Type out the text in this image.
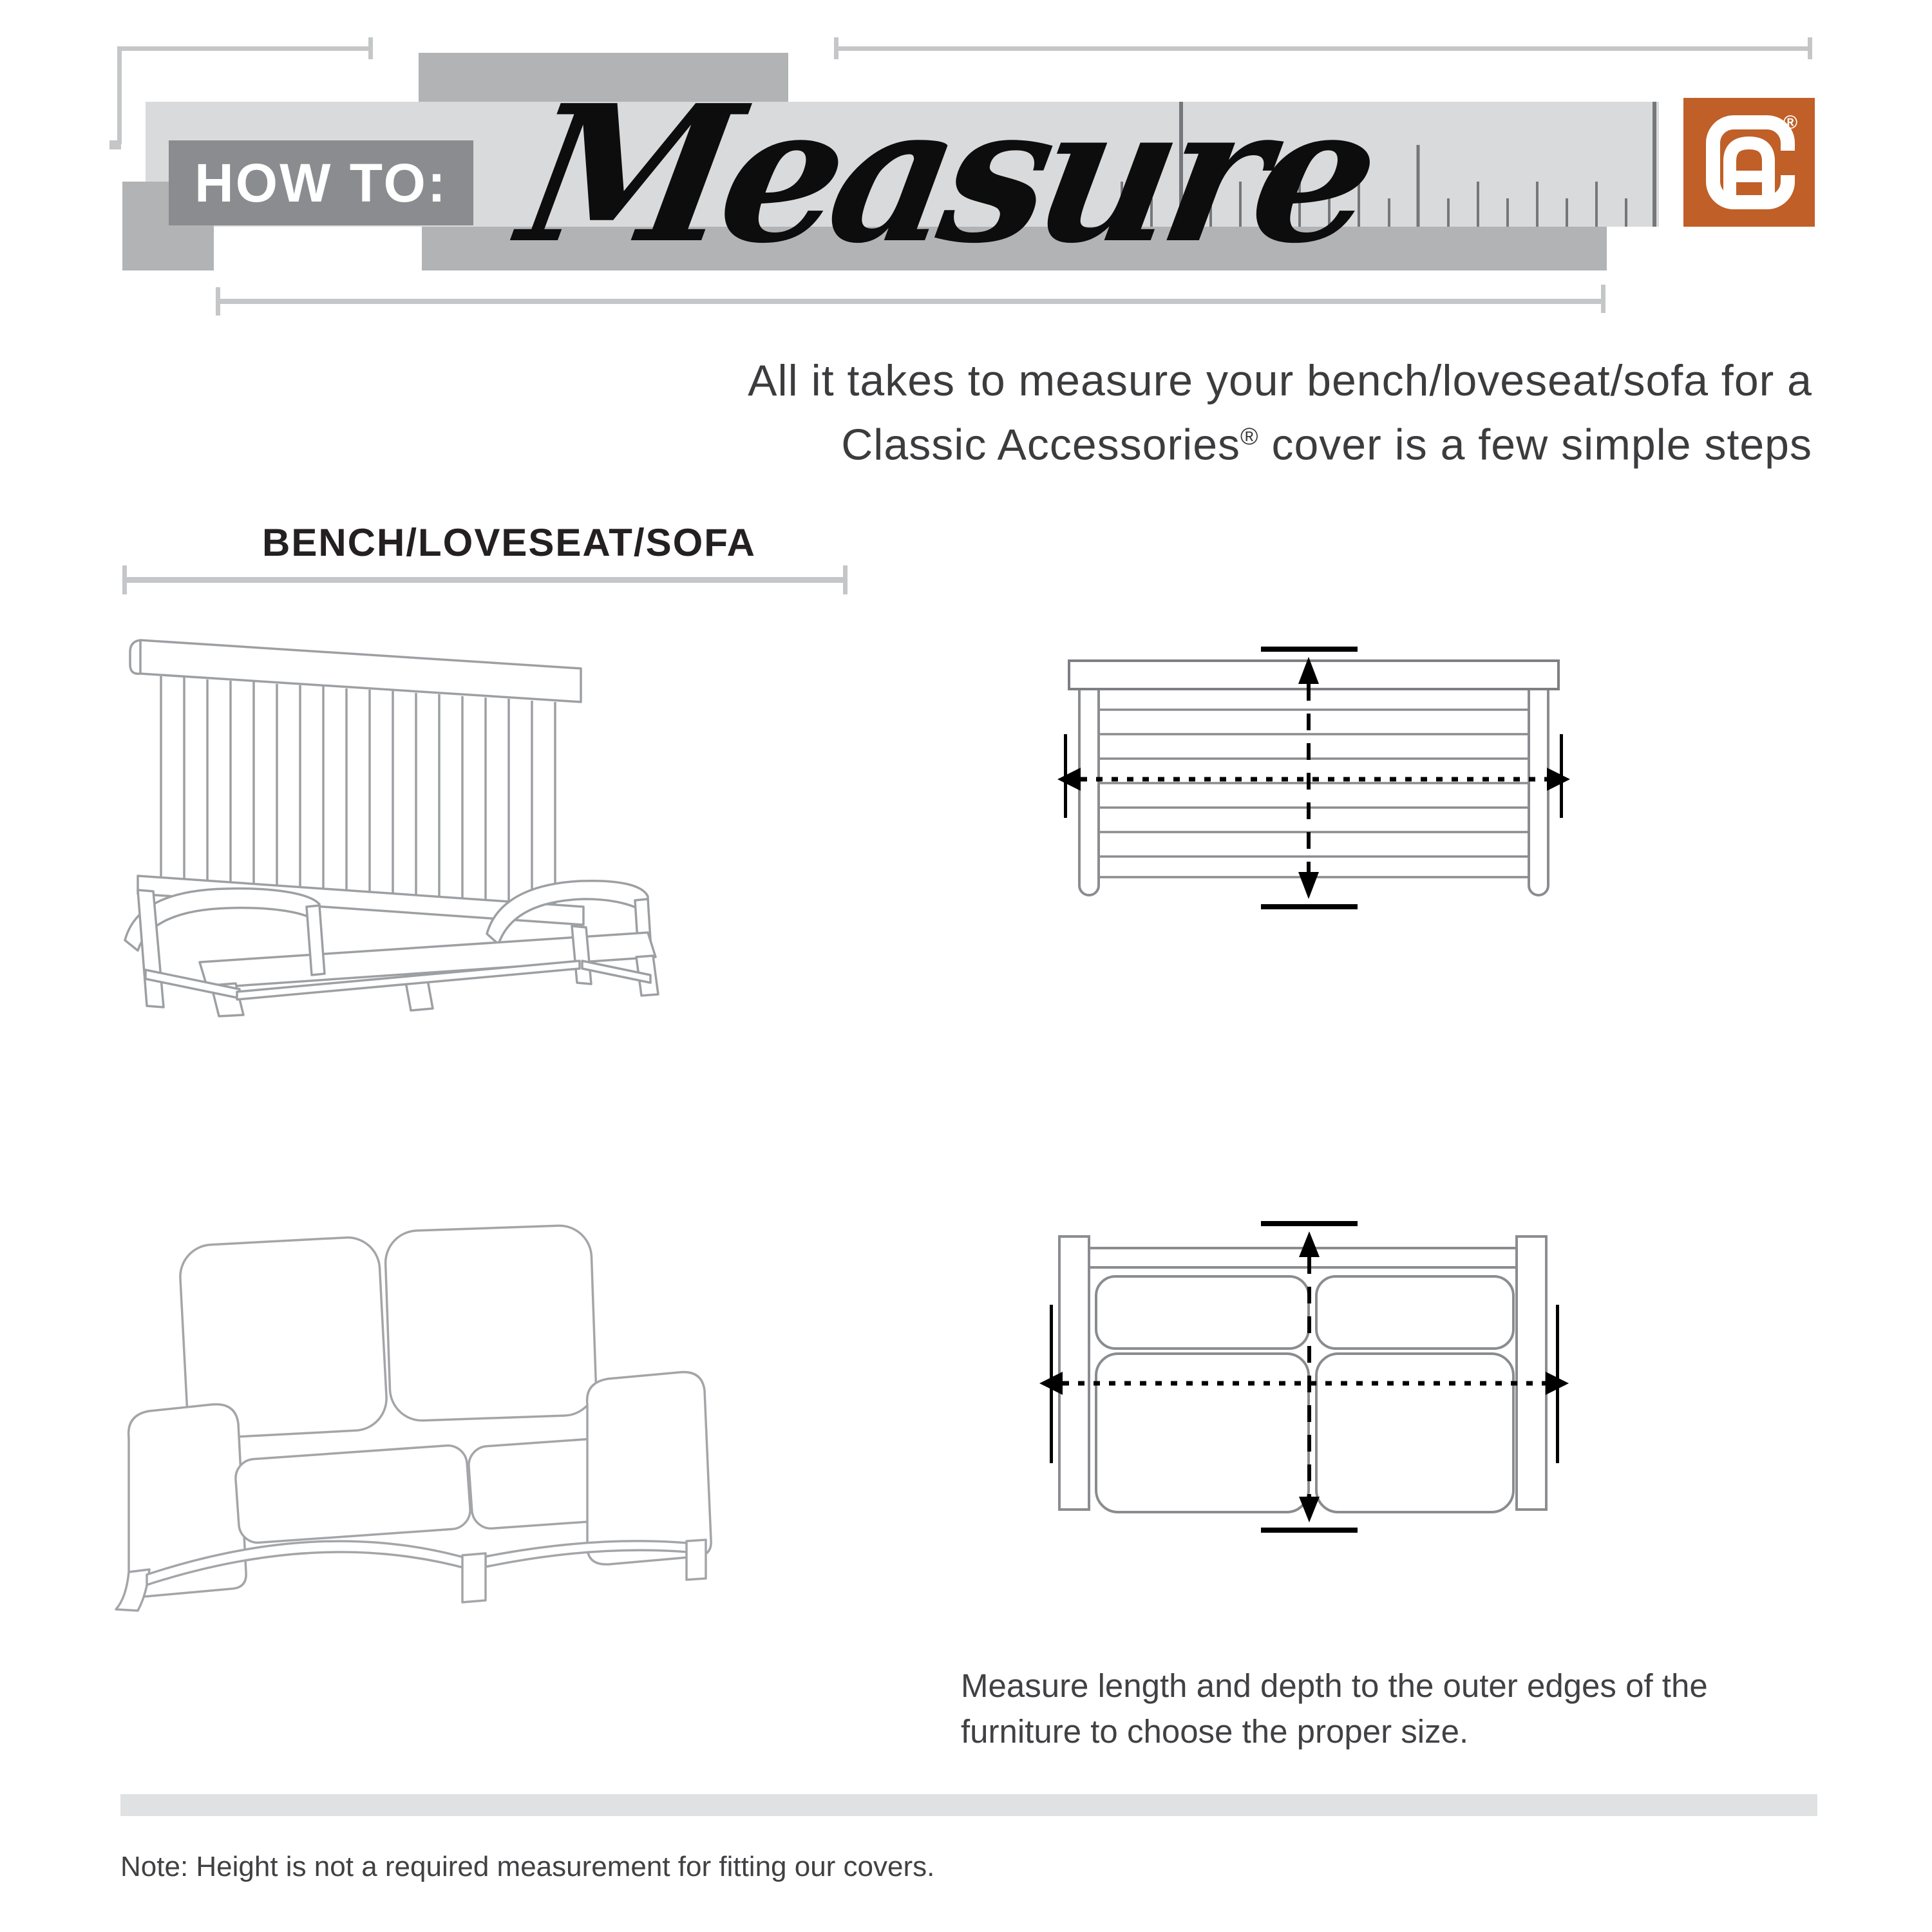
HOW TO: Measure	®
All it takes to measure your bench/loveseat/sofa for a
Classic Accessories® cover is a few simple steps
BENCH/LOVESEAT/SOFA
Measure length and depth to the outer edges of the
furniture to choose the proper size.
Note: Height is not a required measurement for fitting our covers.
